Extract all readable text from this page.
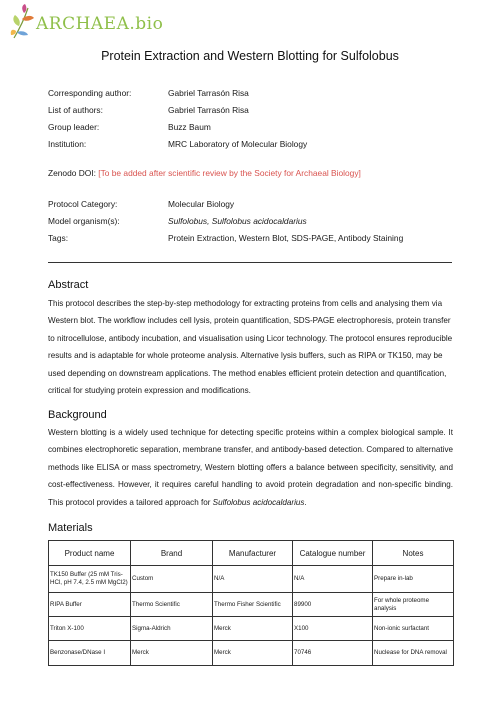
ARCHAEA.bio
Protein Extraction and Western Blotting for Sulfolobus
Corresponding author:	Gabriel Tarrasón Risa
List of authors:	Gabriel Tarrasón Risa
Group leader:	Buzz Baum
Institution:	MRC Laboratory of Molecular Biology
Zenodo DOI: [To be added after scientific review by the Society for Archaeal Biology]
Protocol Category:	Molecular Biology
Model organism(s):	Sulfolobus, Sulfolobus acidocaldarius
Tags:	Protein Extraction, Western Blot, SDS-PAGE, Antibody Staining
Abstract

This protocol describes the step-by-step methodology for extracting proteins from cells and analysing them via Western blot. The workflow includes cell lysis, protein quantification, SDS-PAGE electrophoresis, protein transfer to nitrocellulose, antibody incubation, and visualisation using Licor technology. The protocol ensures reproducible results and is adaptable for whole proteome analysis. Alternative lysis buffers, such as RIPA or TK150, may be used depending on downstream applications. The method enables efficient protein detection and quantification, critical for studying protein expression and modifications.

Background

Western blotting is a widely used technique for detecting specific proteins within a complex biological sample. It combines electrophoretic separation, membrane transfer, and antibody-based detection. Compared to alternative methods like ELISA or mass spectrometry, Western blotting offers a balance between specificity, sensitivity, and cost-effectiveness. However, it requires careful handling to avoid protein degradation and non-specific binding. This protocol provides a tailored approach for Sulfolobus acidocaldarius.

Materials
Product name	Brand	Manufacturer	Catalogue number	Notes
TK150 Buffer (25 mM Tris-HCl, pH 7.4, 2.5 mM MgCl2)	Custom	N/A	N/A	Prepare in-lab
RIPA Buffer	Thermo Scientific	Thermo Fisher Scientific	89900	For whole proteome analysis
Triton X-100	Sigma-Aldrich	Merck	X100	Non-ionic surfactant
Benzonase/DNase I	Merck	Merck	70746	Nuclease for DNA removal
